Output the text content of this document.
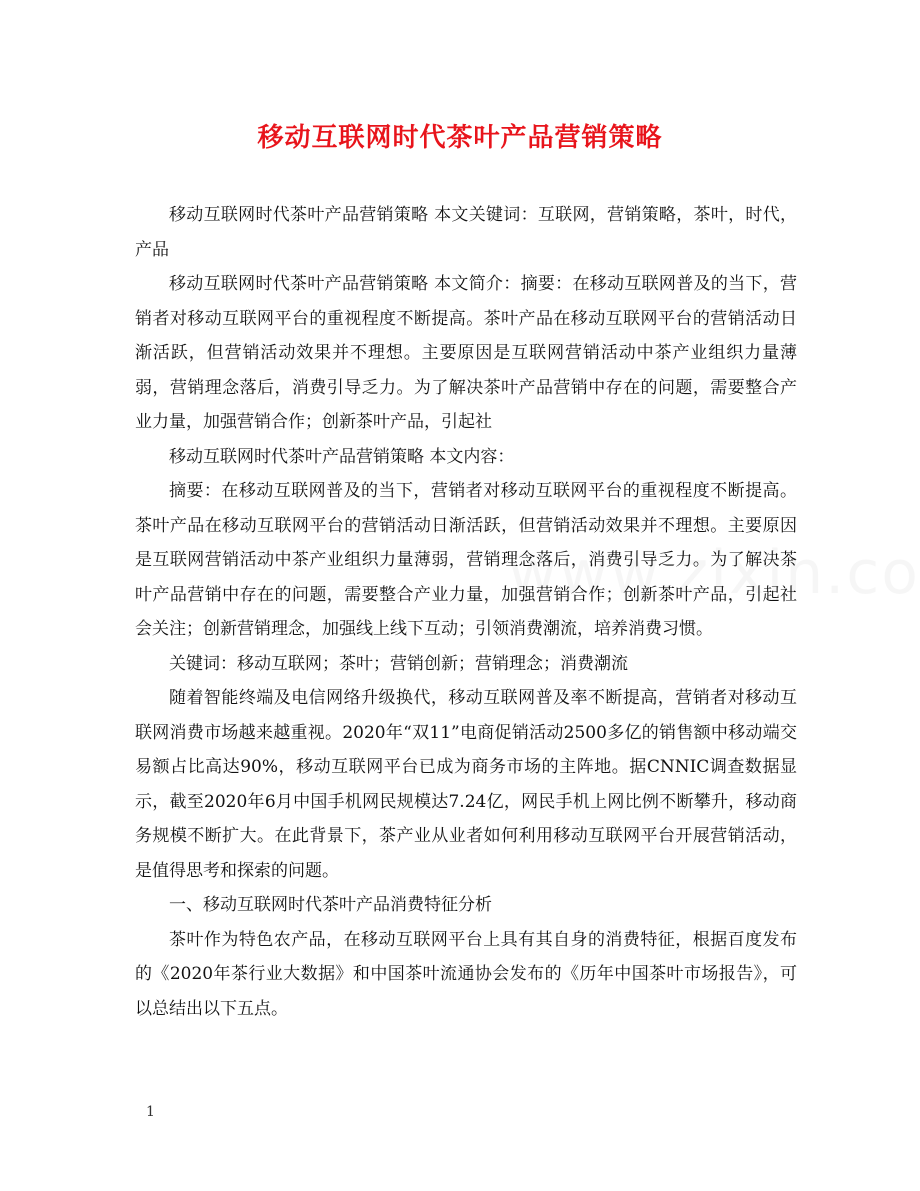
移动互联网时代茶叶产品营销策略

移动互联网时代茶叶产品营销策略 本文关键词：互联网，营销策略，茶叶，时代，产品

移动互联网时代茶叶产品营销策略 本文简介：摘要：在移动互联网普及的当下，营销者对移动互联网平台的重视程度不断提高。茶叶产品在移动互联网平台的营销活动日渐活跃，但营销活动效果并不理想。主要原因是互联网营销活动中茶产业组织力量薄弱，营销理念落后，消费引导乏力。为了解决茶叶产品营销中存在的问题，需要整合产业力量，加强营销合作；创新茶叶产品，引起社

移动互联网时代茶叶产品营销策略 本文内容：

摘要：在移动互联网普及的当下，营销者对移动互联网平台的重视程度不断提高。茶叶产品在移动互联网平台的营销活动日渐活跃，但营销活动效果并不理想。主要原因是互联网营销活动中茶产业组织力量薄弱，营销理念落后，消费引导乏力。为了解决茶叶产品营销中存在的问题，需要整合产业力量，加强营销合作；创新茶叶产品，引起社会关注；创新营销理念，加强线上线下互动；引领消费潮流，培养消费习惯。

关键词：移动互联网；茶叶；营销创新；营销理念；消费潮流

随着智能终端及电信网络升级换代，移动互联网普及率不断提高，营销者对移动互联网消费市场越来越重视。2020年“双11”电商促销活动2500多亿的销售额中移动端交易额占比高达90%，移动互联网平台已成为商务市场的主阵地。据CNNIC调查数据显示，截至2020年6月中国手机网民规模达7.24亿，网民手机上网比例不断攀升，移动商务规模不断扩大。在此背景下，茶产业从业者如何利用移动互联网平台开展营销活动，是值得思考和探索的问题。

一、移动互联网时代茶叶产品消费特征分析

茶叶作为特色农产品，在移动互联网平台上具有其自身的消费特征，根据百度发布的《2020年茶行业大数据》和中国茶叶流通协会发布的《历年中国茶叶市场报告》，可以总结出以下五点。

1
